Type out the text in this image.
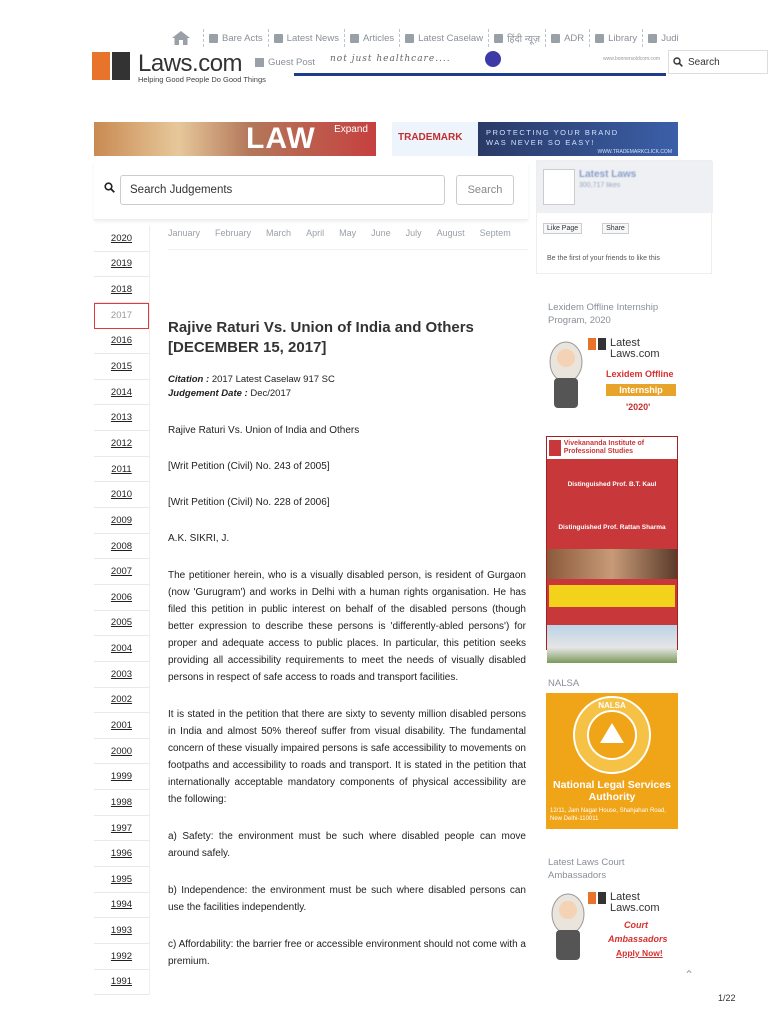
Bare Acts	Latest News	Articles	Latest Caselaw	हिंदी न्यूज़	ADR	Library	Judi
Laws.com
Helping Good People Do Good Things
Guest Post not just healthcare....	www.bonnersoldcom.com	Search
LAW Expand
TRADEMARK	PROTECTING YOUR BRAND
WAS NEVER SO EASY!
WWW.TRADEMARKCLICK.COM
Search Judgements
Search
2020
2019
2018
2017
2016
2015
2014
2013
2012
2011
2010
2009
2008
2007
2006
2005
2004
2003
2002
2001
2000
1999
1998
1997
1996
1995
1994
1993
1992
1991
January February March April May June July August Septem
Rajive Raturi Vs. Union of India and Others [DECEMBER 15, 2017]
Citation : 2017 Latest Caselaw 917 SC
Judgement Date : Dec/2017

Rajive Raturi Vs. Union of India and Others

[Writ Petition (Civil) No. 243 of 2005]

[Writ Petition (Civil) No. 228 of 2006]

A.K. SIKRI, J.

The petitioner herein, who is a visually disabled person, is resident of Gurgaon (now 'Gurugram') and works in Delhi with a human rights organisation. He has filed this petition in public interest on behalf of the disabled persons (though better expression to describe these persons is 'differently-abled persons') for proper and adequate access to public places. In particular, this petition seeks providing all accessibility requirements to meet the needs of visually disabled persons in respect of safe access to roads and transport facilities.

It is stated in the petition that there are sixty to seventy million disabled persons in India and almost 50% thereof suffer from visual disability. The fundamental concern of these visually impaired persons is safe accessibility to movements on footpaths and accessibility to roads and transport. It is stated in the petition that internationally acceptable mandatory components of physical accessibility are the following:

a) Safety: the environment must be such where disabled people can move around safely.

b) Independence: the environment must be such where disabled persons can use the facilities independently.

c) Affordability: the barrier free or accessible environment should not come with a premium.

Latest Laws
300,717 likes
Like Page	Share
Be the first of your friends to like this
Lexidem Offline Internship Program, 2020
Latest Laws.com
Lexidem Offline
Internship
'2020'
Vivekananda Institute of Professional Studies
Distinguished Prof. B.T. Kaul
Distinguished Prof. Rattan Sharma
NALSA
NALSA
National Legal Services Authority
12/11, Jam Nagar House, Shahjahan Road, New Delhi-110011
Latest Laws Court Ambassadors
Latest Laws.com
Court
Ambassadors
Apply Now!
⌃
1/22
